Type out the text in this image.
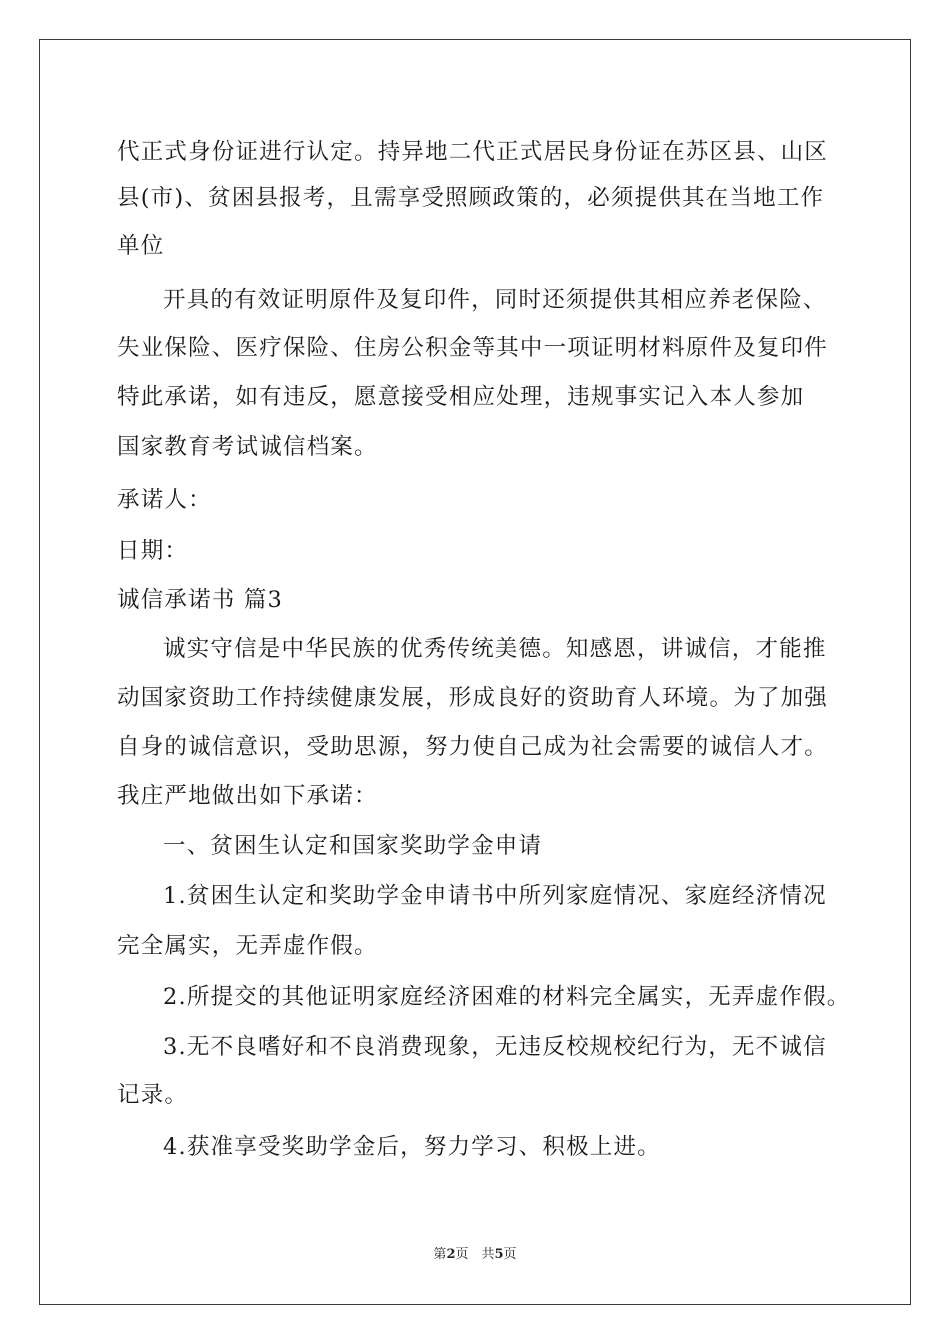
代正式身份证进行认定。持异地二代正式居民身份证在苏区县、山区
县(市)、贫困县报考，且需享受照顾政策的，必须提供其在当地工作
单位
开具的有效证明原件及复印件，同时还须提供其相应养老保险、
失业保险、医疗保险、住房公积金等其中一项证明材料原件及复印件
特此承诺，如有违反，愿意接受相应处理，违规事实记入本人参加
国家教育考试诚信档案。
承诺人：
日期：
诚信承诺书 篇3
诚实守信是中华民族的优秀传统美德。知感恩，讲诚信，才能推
动国家资助工作持续健康发展，形成良好的资助育人环境。为了加强
自身的诚信意识，受助思源，努力使自己成为社会需要的诚信人才。
我庄严地做出如下承诺：
一、贫困生认定和国家奖助学金申请
1.贫困生认定和奖助学金申请书中所列家庭情况、家庭经济情况
完全属实，无弄虚作假。
2.所提交的其他证明家庭经济困难的材料完全属实，无弄虚作假。
3.无不良嗜好和不良消费现象，无违反校规校纪行为，无不诚信
记录。
4.获准享受奖助学金后，努力学习、积极上进。
第2页　共5页
